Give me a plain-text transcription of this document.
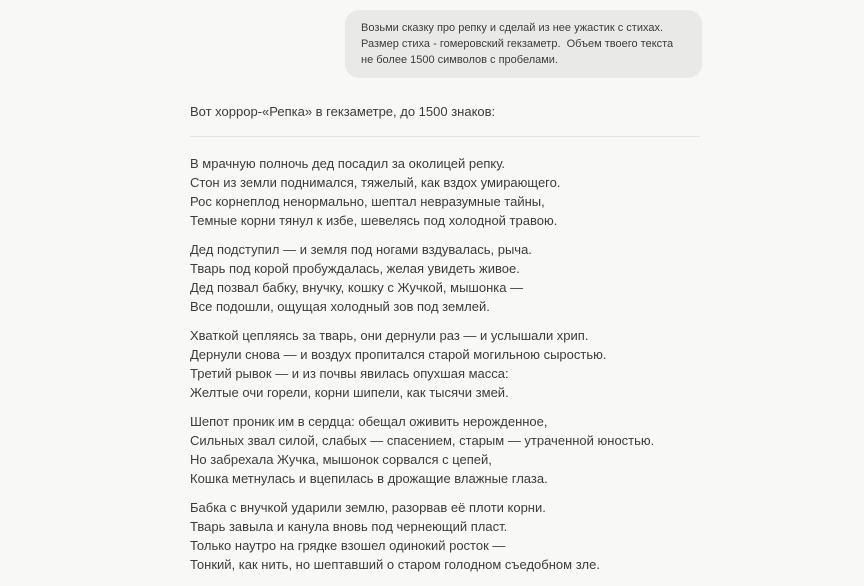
Возьми сказку про репку и сделай из нее ужастик с стихах. Размер стиха - гомеровский гекзаметр.  Объем твоего текста не более 1500 символов с пробелами.

Вот хоррор-«Репка» в гекзаметре, до 1500 знаков:

В мрачную полночь дед посадил за околицей репку.

Стон из земли поднимался, тяжелый, как вздох умирающего.

Рос корнеплод ненормально, шептал невразумные тайны,

Темные корни тянул к избе, шевелясь под холодной травою.

Дед подступил — и земля под ногами вздувалась, рыча.

Тварь под корой пробуждалась, желая увидеть живое.

Дед позвал бабку, внучку, кошку с Жучкой, мышонка —

Все подошли, ощущая холодный зов под землей.

Хваткой цепляясь за тварь, они дернули раз — и услышали хрип.

Дернули снова — и воздух пропитался старой могильною сыростью.

Третий рывок — и из почвы явилась опухшая масса:

Желтые очи горели, корни шипели, как тысячи змей.

Шепот проник им в сердца: обещал оживить нерожденное,

Сильных звал силой, слабых — спасением, старым — утраченной юностью.

Но забрехала Жучка, мышонок сорвался с цепей,

Кошка метнулась и вцепилась в дрожащие влажные глаза.

Бабка с внучкой ударили землю, разорвав её плоти корни.

Тварь завыла и канула вновь под чернеющий пласт.

Только наутро на грядке взошел одинокий росток —

Тонкий, как нить, но шептавший о старом голодном съедобном зле.
